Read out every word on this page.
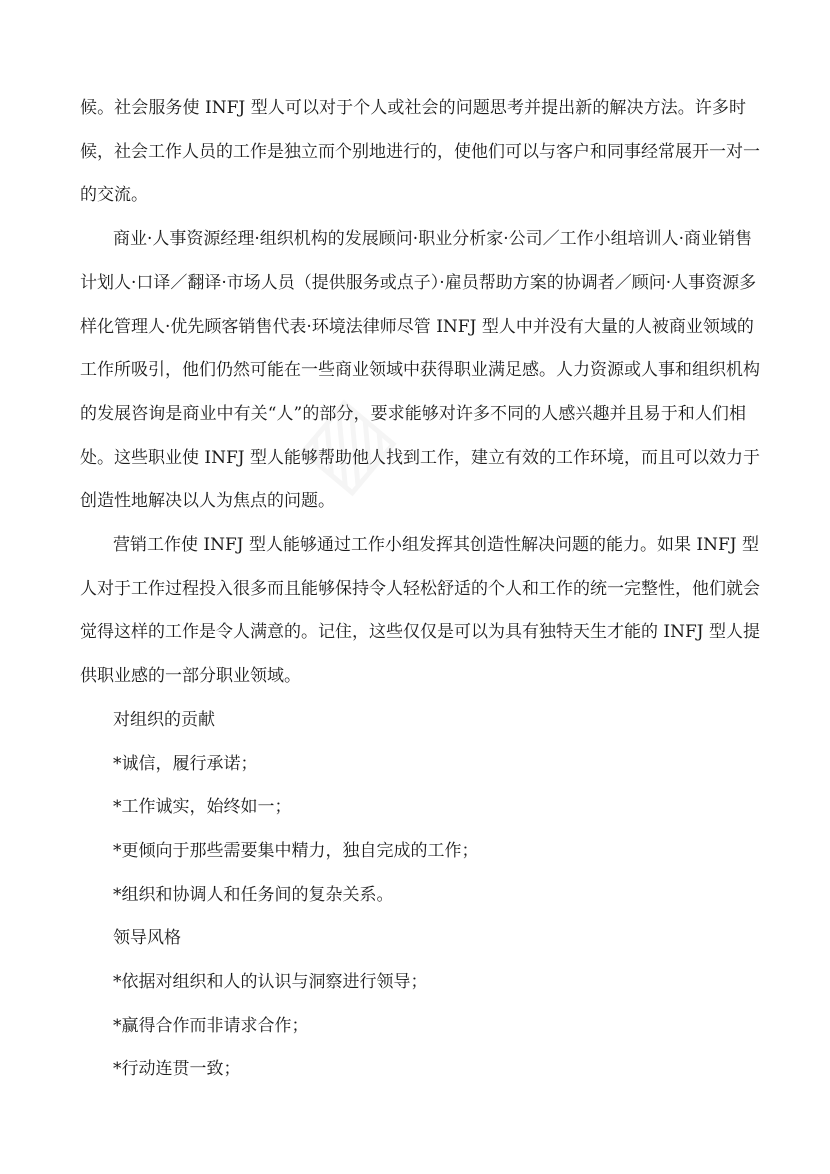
候。社会服务使 INFJ 型人可以对于个人或社会的问题思考并提出新的解决方法。许多时
候，社会工作人员的工作是独立而个别地进行的，使他们可以与客户和同事经常展开一对一
的交流。
商业·人事资源经理·组织机构的发展顾问·职业分析家·公司／工作小组培训人·商业销售
计划人·口译／翻译·市场人员（提供服务或点子）·雇员帮助方案的协调者／顾问·人事资源多
样化管理人·优先顾客销售代表·环境法律师尽管 INFJ 型人中并没有大量的人被商业领域的
工作所吸引，他们仍然可能在一些商业领域中获得职业满足感。人力资源或人事和组织机构
的发展咨询是商业中有关“人”的部分，要求能够对许多不同的人感兴趣并且易于和人们相
处。这些职业使 INFJ 型人能够帮助他人找到工作，建立有效的工作环境，而且可以效力于
创造性地解决以人为焦点的问题。
营销工作使 INFJ 型人能够通过工作小组发挥其创造性解决问题的能力。如果 INFJ 型
人对于工作过程投入很多而且能够保持令人轻松舒适的个人和工作的统一完整性，他们就会
觉得这样的工作是令人满意的。记住，这些仅仅是可以为具有独特天生才能的 INFJ 型人提
供职业感的一部分职业领域。
对组织的贡献
*诚信，履行承诺；
*工作诚实，始终如一；
*更倾向于那些需要集中精力，独自完成的工作；
*组织和协调人和任务间的复杂关系。
领导风格
*依据对组织和人的认识与洞察进行领导；
*赢得合作而非请求合作；
*行动连贯一致；
